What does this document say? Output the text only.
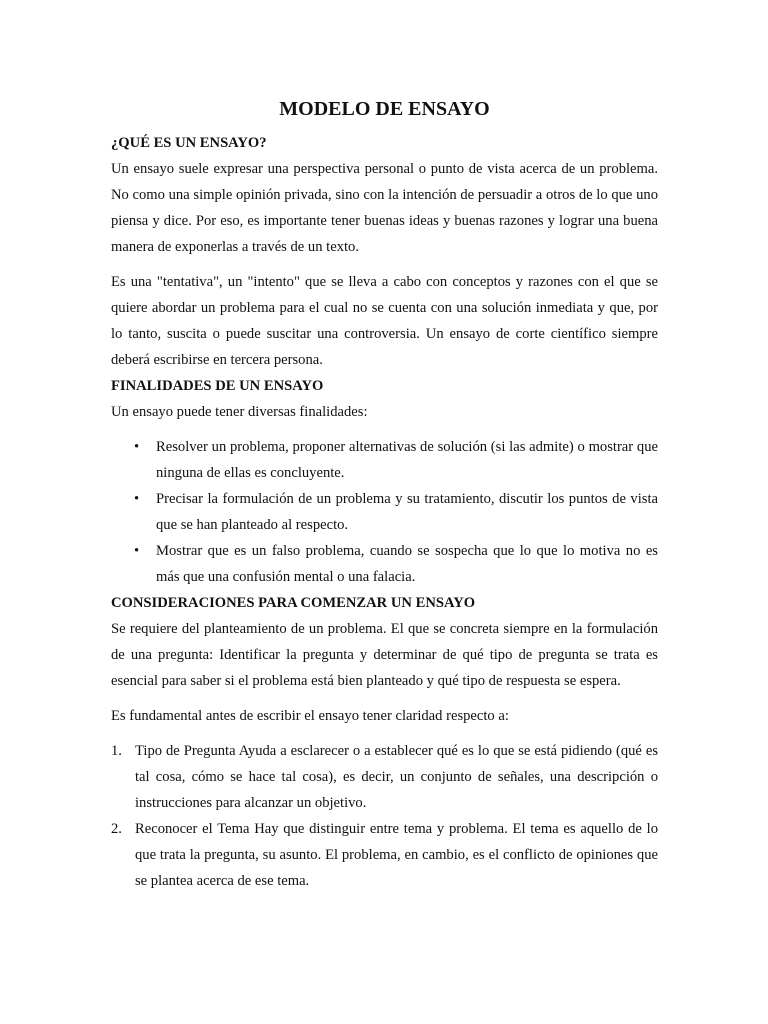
MODELO DE ENSAYO
¿QUÉ ES UN ENSAYO?

Un ensayo suele expresar una perspectiva personal o punto de vista acerca de un problema. No como una simple opinión privada, sino con la intención de persuadir a otros de lo que uno piensa y dice. Por eso, es importante tener buenas ideas y buenas razones y lograr una buena manera de exponerlas a través de un texto.

Es una "tentativa", un "intento" que se lleva a cabo con conceptos y razones con el que se quiere abordar un problema para el cual no se cuenta con una solución inmediata y que, por lo tanto, suscita o puede suscitar una controversia. Un ensayo de corte científico siempre deberá escribirse en tercera persona.

FINALIDADES DE UN ENSAYO

Un ensayo puede tener diversas finalidades:

• Resolver un problema, proponer alternativas de solución (si las admite) o mostrar que ninguna de ellas es concluyente.
• Precisar la formulación de un problema y su tratamiento, discutir los puntos de vista que se han planteado al respecto.
• Mostrar que es un falso problema, cuando se sospecha que lo que lo motiva no es más que una confusión mental o una falacia.
CONSIDERACIONES PARA COMENZAR UN ENSAYO

Se requiere del planteamiento de un problema. El que se concreta siempre en la formulación de una pregunta: Identificar la pregunta y determinar de qué tipo de pregunta se trata es esencial para saber si el problema está bien planteado y qué tipo de respuesta se espera.

Es fundamental antes de escribir el ensayo tener claridad respecto a:

1. Tipo de Pregunta Ayuda a esclarecer o a establecer qué es lo que se está pidiendo (qué es tal cosa, cómo se hace tal cosa), es decir, un conjunto de señales, una descripción o instrucciones para alcanzar un objetivo.
2. Reconocer el Tema Hay que distinguir entre tema y problema. El tema es aquello de lo que trata la pregunta, su asunto. El problema, en cambio, es el conflicto de opiniones que se plantea acerca de ese tema.
